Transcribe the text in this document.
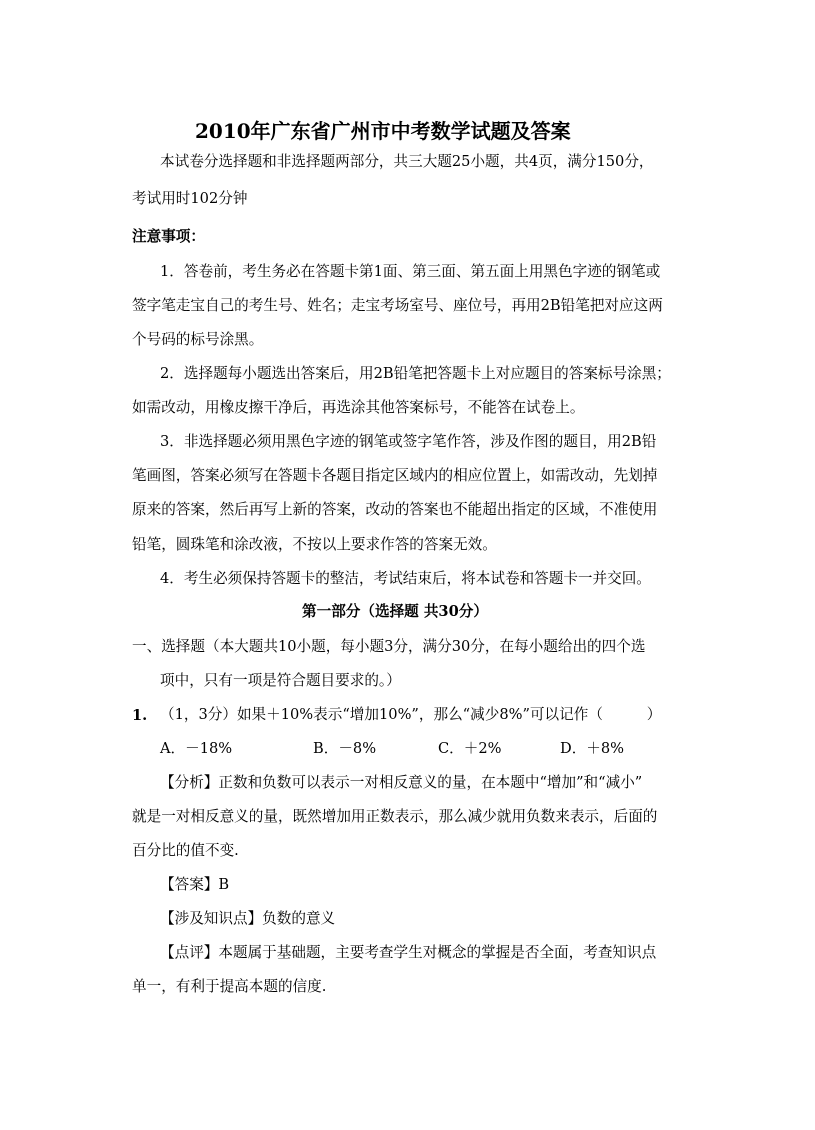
2010年广东省广州市中考数学试题及答案
本试卷分选择题和非选择题两部分，共三大题25小题，共4页，满分150分，
考试用时102分钟
注意事项：
1．答卷前，考生务必在答题卡第1面、第三面、第五面上用黑色字迹的钢笔或
签字笔走宝自己的考生号、姓名；走宝考场室号、座位号，再用2B铅笔把对应这两
个号码的标号涂黑。
2．选择题每小题选出答案后，用2B铅笔把答题卡上对应题目的答案标号涂黑；
如需改动，用橡皮擦干净后，再选涂其他答案标号，不能答在试卷上。
3．非选择题必须用黑色字迹的钢笔或签字笔作答，涉及作图的题目，用2B铅
笔画图，答案必须写在答题卡各题目指定区域内的相应位置上，如需改动，先划掉
原来的答案，然后再写上新的答案，改动的答案也不能超出指定的区域，不准使用
铅笔，圆珠笔和涂改液，不按以上要求作答的答案无效。
4．考生必须保持答题卡的整洁，考试结束后，将本试卷和答题卡一并交回。
第一部分（选择题 共30分）
一、选择题（本大题共10小题，每小题3分，满分30分，在每小题给出的四个选
项中，只有一项是符合题目要求的。）
1. （1，3分）如果＋10%表示“增加10%”，那么“减少8%”可以记作（　　　）
A．－18%	B．－8%	C．＋2%	D．＋8%
【分析】正数和负数可以表示一对相反意义的量，在本题中“增加”和“减小”
就是一对相反意义的量，既然增加用正数表示，那么减少就用负数来表示，后面的
百分比的值不变.
【答案】B
【涉及知识点】负数的意义
【点评】本题属于基础题，主要考查学生对概念的掌握是否全面，考查知识点
单一，有利于提高本题的信度.
